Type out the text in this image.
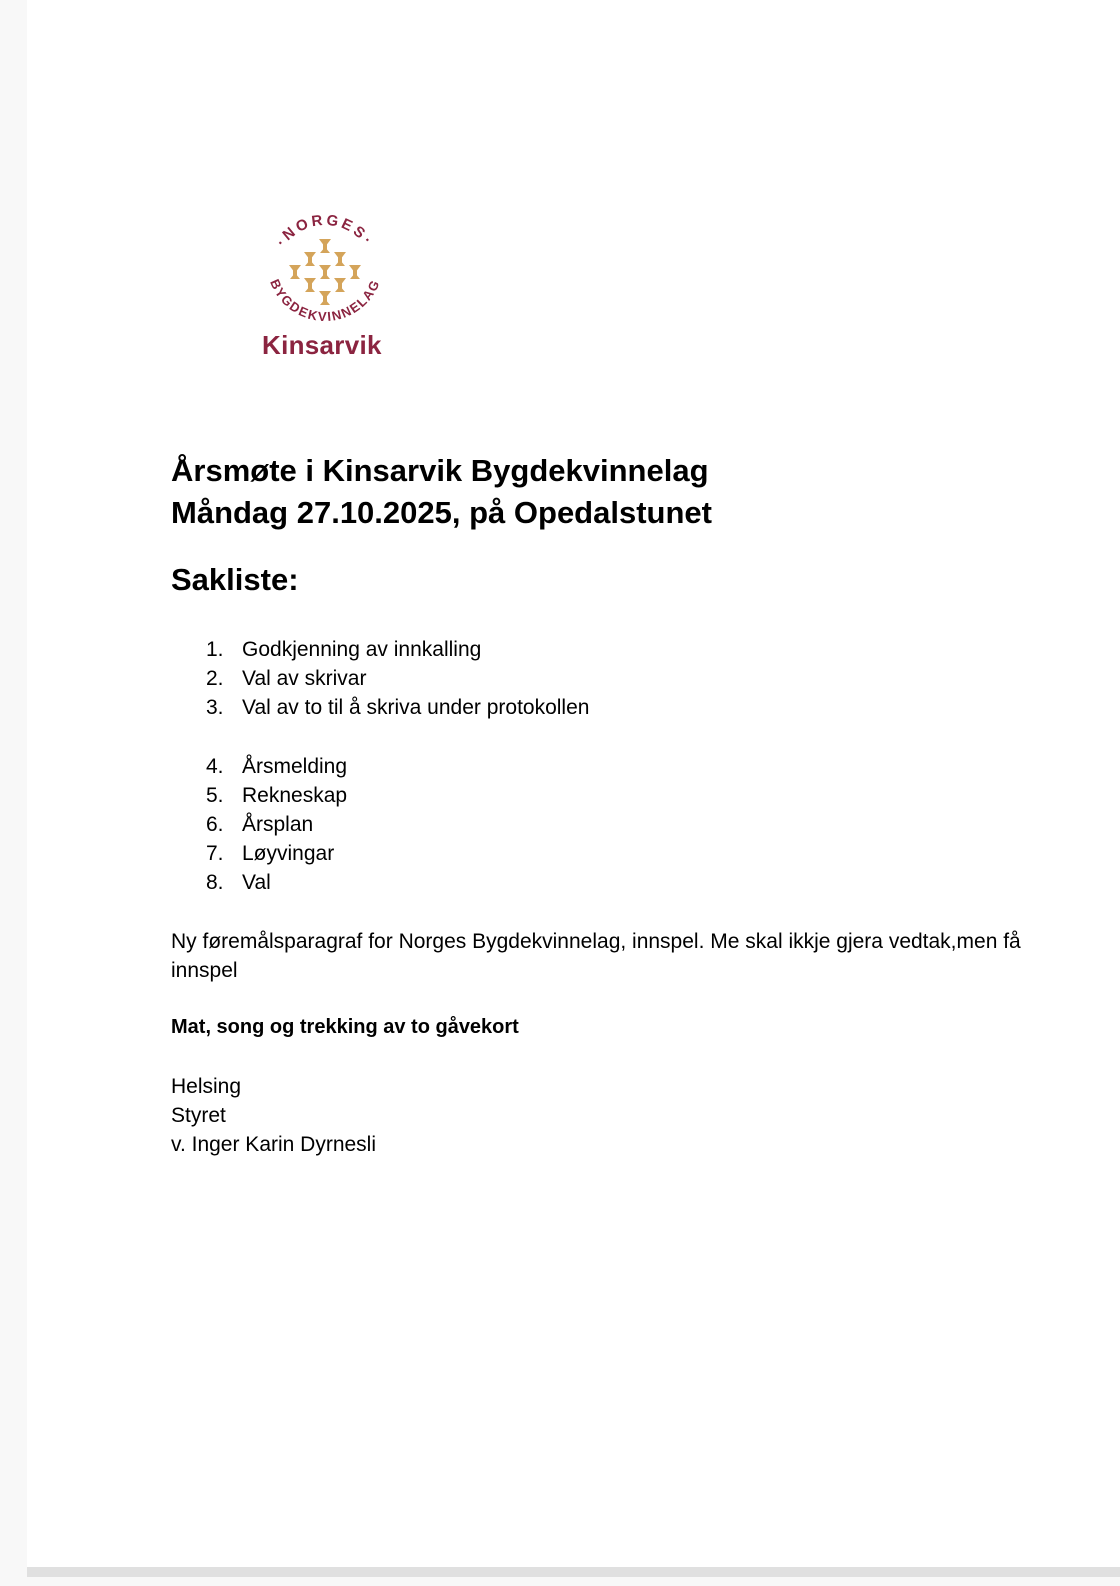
·NORGES·
BYGDEKVINNELAG
Kinsarvik
Årsmøte i Kinsarvik Bygdekvinnelag
Måndag 27.10.2025, på Opedalstunet
Sakliste:
1. Godkjenning av innkalling
2. Val av skrivar
3. Val av to til å skriva under protokollen
4. Årsmelding
5. Rekneskap
6. Årsplan
7. Løyvingar
8. Val
Ny føremålsparagraf for Norges Bygdekvinnelag, innspel. Me skal ikkje gjera vedtak,men få innspel
Mat, song og trekking av to gåvekort
Helsing
Styret
v. Inger Karin Dyrnesli
